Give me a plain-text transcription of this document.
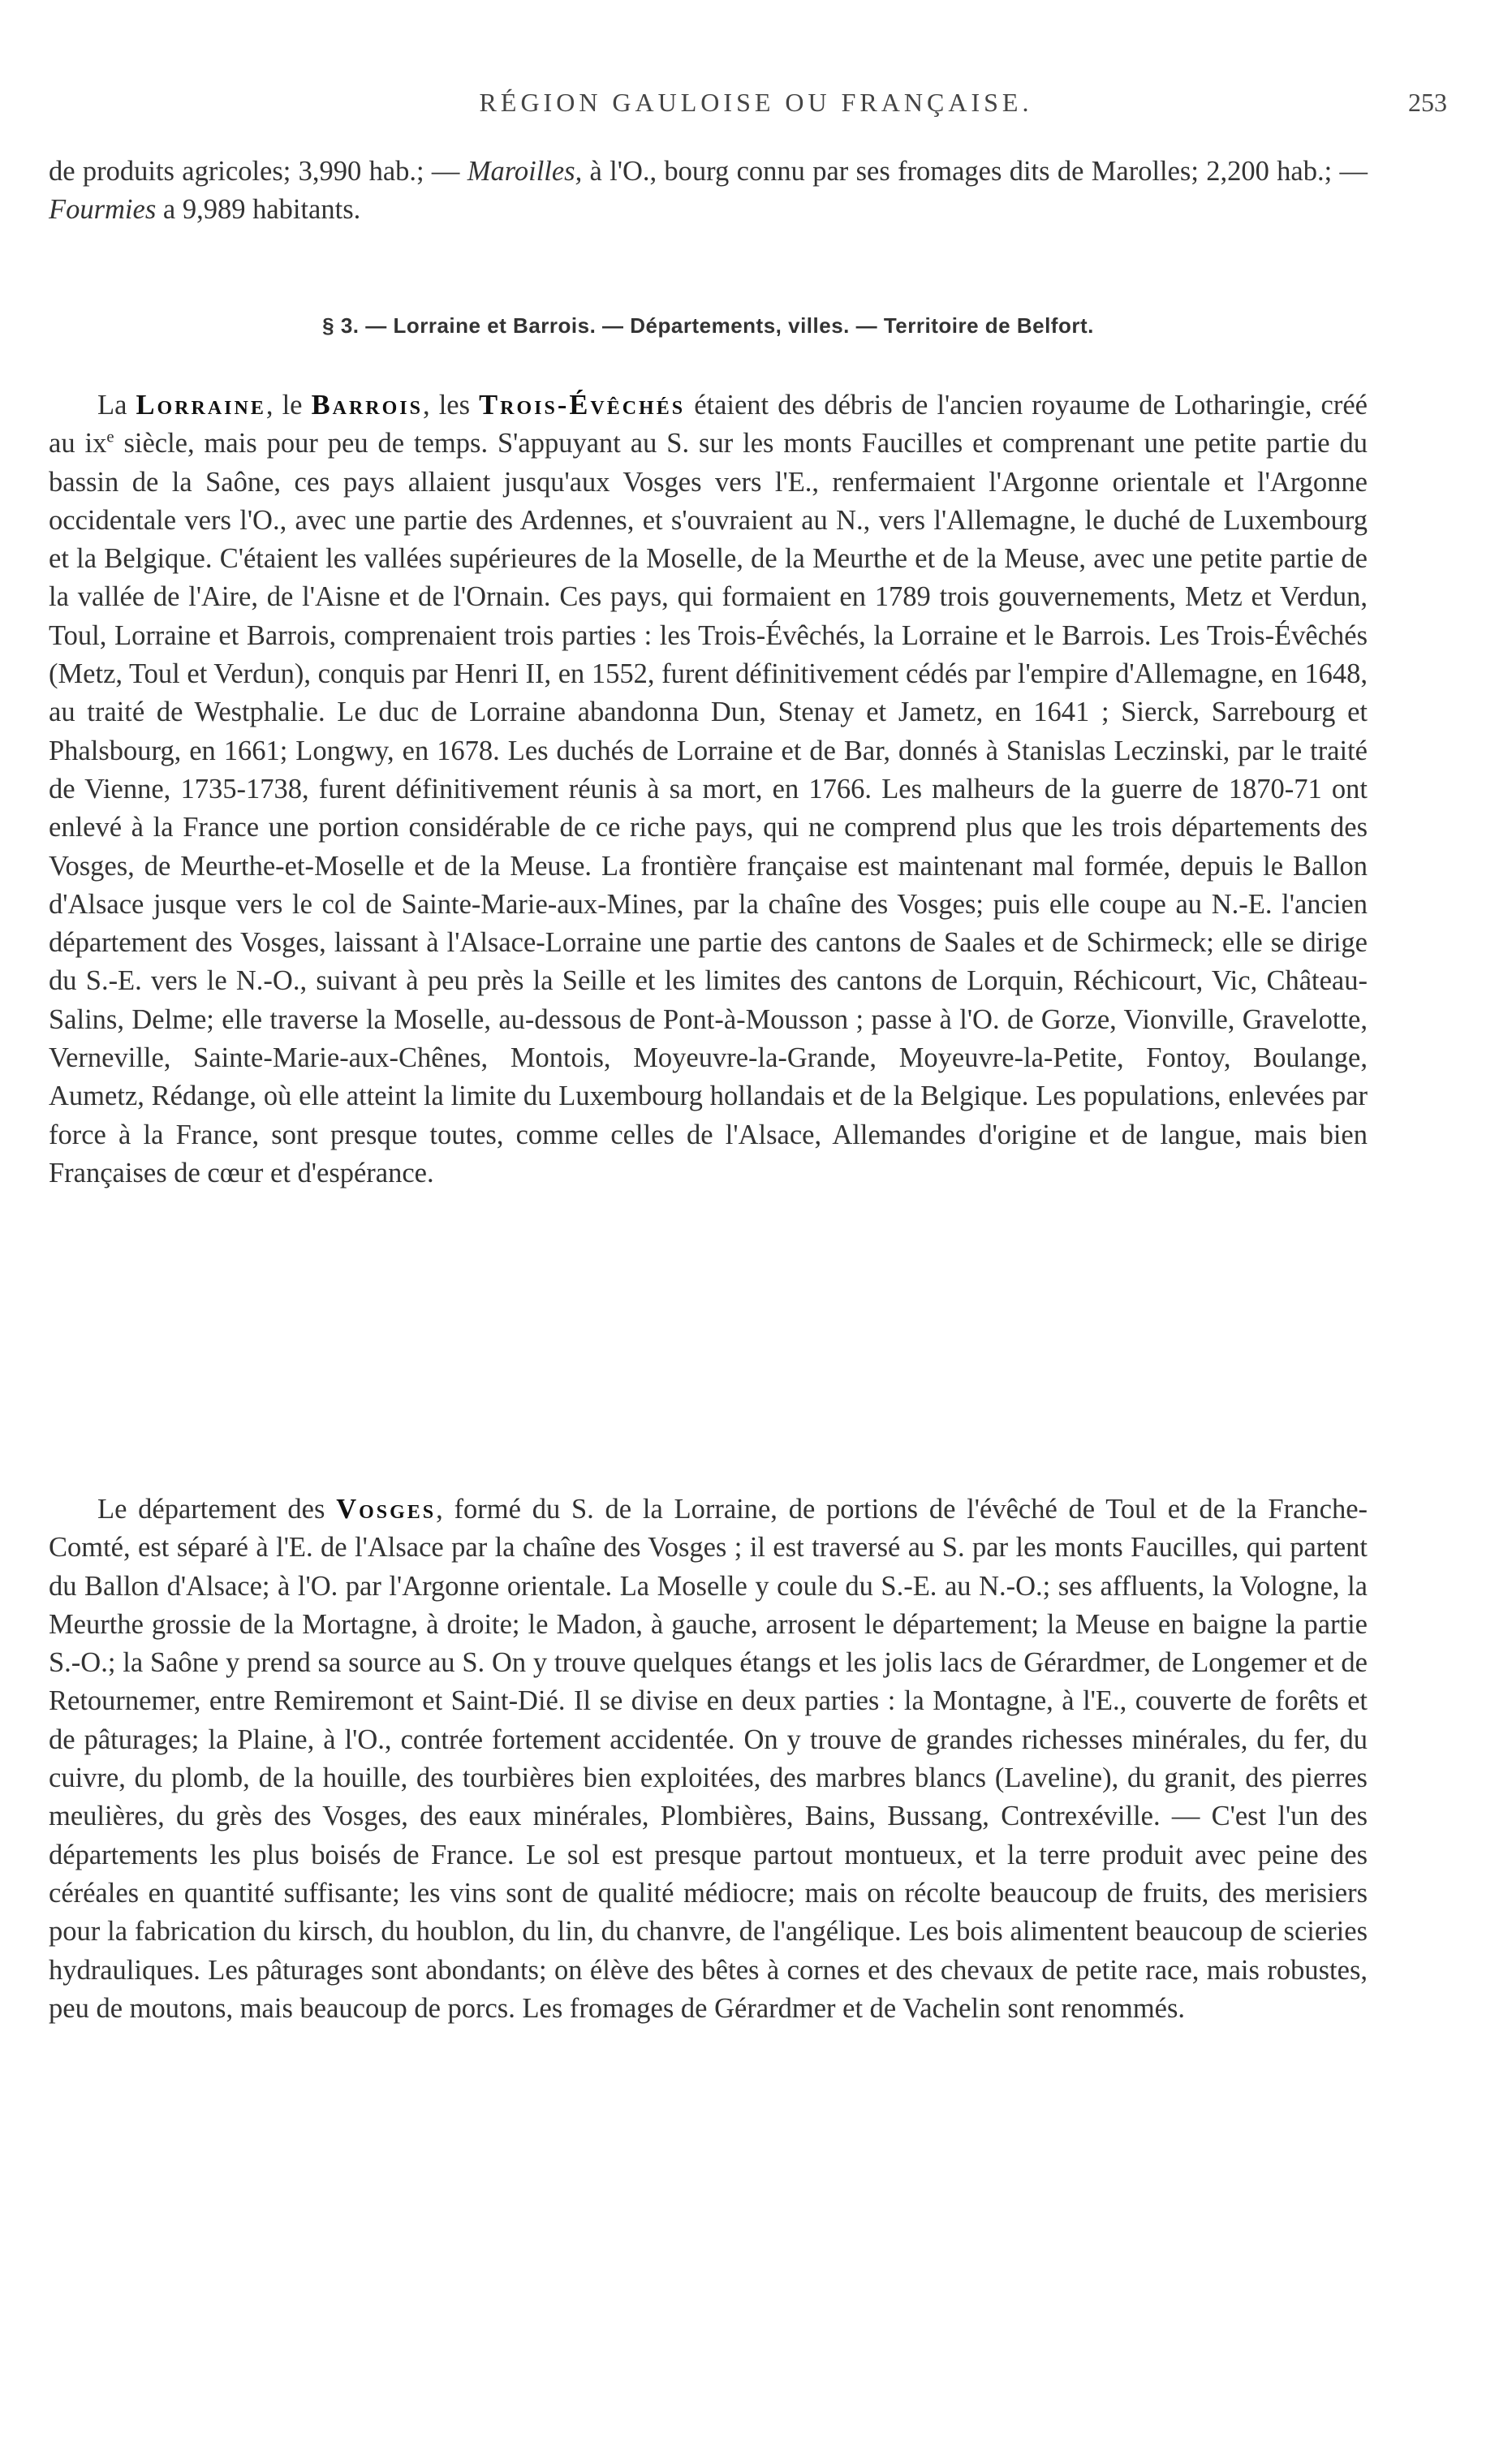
RÉGION GAULOISE OU FRANÇAISE.	253

de produits agricoles; 3,990 hab.; — Maroilles, à l'O., bourg connu par ses fromages dits de Marolles; 2,200 hab.; — Fourmies a 9,989 habitants.

§ 3. — Lorraine et Barrois. — Départements, villes. — Territoire de Belfort.

La Lorraine, le Barrois, les Trois-Évêchés étaient des débris de l'ancien royaume de Lotharingie, créé au $ix^e$ siècle, mais pour peu de temps. S'appuyant au S. sur les monts Faucilles et comprenant une petite partie du bassin de la Saône, ces pays allaient jusqu'aux Vosges vers l'E., renfermaient l'Argonne orientale et l'Argonne occidentale vers l'O., avec une partie des Ardennes, et s'ouvraient au N., vers l'Allemagne, le duché de Luxembourg et la Belgique. C'étaient les vallées supérieures de la Moselle, de la Meurthe et de la Meuse, avec une petite partie de la vallée de l'Aire, de l'Aisne et de l'Ornain. Ces pays, qui formaient en 1789 trois gouvernements, Metz et Verdun, Toul, Lorraine et Barrois, comprenaient trois parties : les Trois-Évêchés, la Lorraine et le Barrois. Les Trois-Évêchés (Metz, Toul et Verdun), conquis par Henri II, en 1552, furent définitivement cédés par l'empire d'Allemagne, en 1648, au traité de Westphalie. Le duc de Lorraine abandonna Dun, Stenay et Jametz, en 1641 ; Sierck, Sarrebourg et Phalsbourg, en 1661; Longwy, en 1678. Les duchés de Lorraine et de Bar, donnés à Stanislas Leczinski, par le traité de Vienne, 1735-1738, furent définitivement réunis à sa mort, en 1766. Les malheurs de la guerre de 1870-71 ont enlevé à la France une portion considérable de ce riche pays, qui ne comprend plus que les trois départements des Vosges, de Meurthe-et-Moselle et de la Meuse. La frontière française est maintenant mal formée, depuis le Ballon d'Alsace jusque vers le col de Sainte-Marie-aux-Mines, par la chaîne des Vosges; puis elle coupe au N.-E. l'ancien département des Vosges, laissant à l'Alsace-Lorraine une partie des cantons de Saales et de Schirmeck; elle se dirige du S.-E. vers le N.-O., suivant à peu près la Seille et les limites des cantons de Lorquin, Réchicourt, Vic, Château-Salins, Delme; elle traverse la Moselle, au-dessous de Pont-à-Mousson ; passe à l'O. de Gorze, Vionville, Gravelotte, Verneville, Sainte-Marie-aux-Chênes, Montois, Moyeuvre-la-Grande, Moyeuvre-la-Petite, Fontoy, Boulange, Aumetz, Rédange, où elle atteint la limite du Luxembourg hollandais et de la Belgique. Les populations, enlevées par force à la France, sont presque toutes, comme celles de l'Alsace, Allemandes d'origine et de langue, mais bien Françaises de cœur et d'espérance.

Le département des Vosges, formé du S. de la Lorraine, de portions de l'évêché de Toul et de la Franche-Comté, est séparé à l'E. de l'Alsace par la chaîne des Vosges ; il est traversé au S. par les monts Faucilles, qui partent du Ballon d'Alsace; à l'O. par l'Argonne orientale. La Moselle y coule du S.-E. au N.-O.; ses affluents, la Vologne, la Meurthe grossie de la Mortagne, à droite; le Madon, à gauche, arrosent le département; la Meuse en baigne la partie S.-O.; la Saône y prend sa source au S. On y trouve quelques étangs et les jolis lacs de Gérardmer, de Longemer et de Retournemer, entre Remiremont et Saint-Dié. Il se divise en deux parties : la Montagne, à l'E., couverte de forêts et de pâturages; la Plaine, à l'O., contrée fortement accidentée. On y trouve de grandes richesses minérales, du fer, du cuivre, du plomb, de la houille, des tourbières bien exploitées, des marbres blancs (Laveline), du granit, des pierres meulières, du grès des Vosges, des eaux minérales, Plombières, Bains, Bussang, Contrexéville. — C'est l'un des départements les plus boisés de France. Le sol est presque partout montueux, et la terre produit avec peine des céréales en quantité suffisante; les vins sont de qualité médiocre; mais on récolte beaucoup de fruits, des merisiers pour la fabrication du kirsch, du houblon, du lin, du chanvre, de l'angélique. Les bois alimentent beaucoup de scieries hydrauliques. Les pâturages sont abondants; on élève des bêtes à cornes et des chevaux de petite race, mais robustes, peu de moutons, mais beaucoup de porcs. Les fromages de Gérardmer et de Vachelin sont renommés.
